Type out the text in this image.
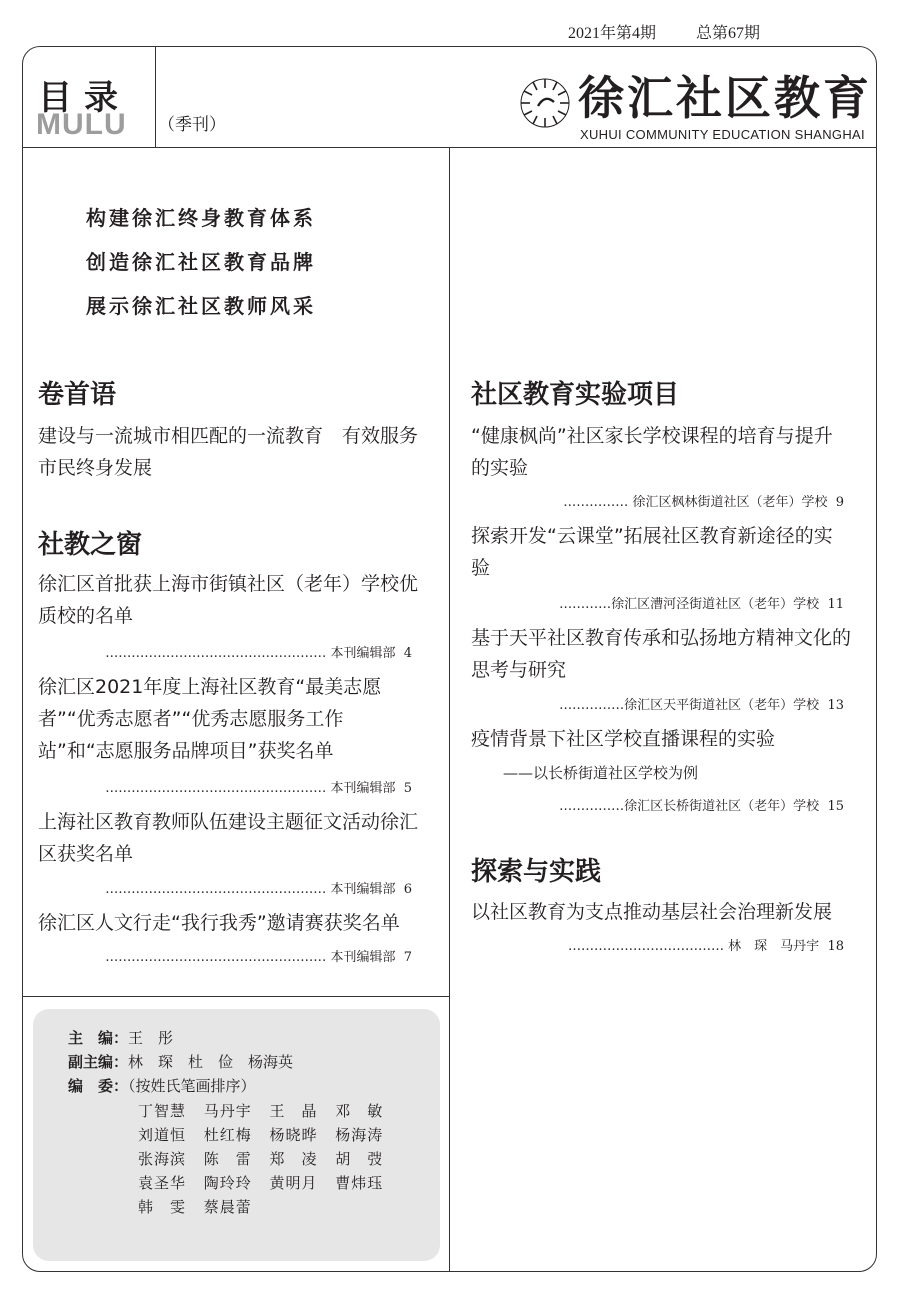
2021年第4期	总第67期
目录
MULU （季刊）	徐汇社区教育
XUHUI COMMUNITY EDUCATION SHANGHAI
构建徐汇终身教育体系
创造徐汇社区教育品牌
展示徐汇社区教师风采
卷首语
建设与一流城市相匹配的一流教育　有效服务市民终身发展
社教之窗
徐汇区首批获上海市街镇社区（老年）学校优质校的名单
…………………………………………… 本刊编辑部 4
徐汇区2021年度上海社区教育“最美志愿者”“优秀志愿者”“优秀志愿服务工作站”和“志愿服务品牌项目”获奖名单
…………………………………………… 本刊编辑部 5
上海社区教育教师队伍建设主题征文活动徐汇区获奖名单
…………………………………………… 本刊编辑部 6
徐汇区人文行走“我行我秀”邀请赛获奖名单
…………………………………………… 本刊编辑部 7
社区教育实验项目
“健康枫尚”社区家长学校课程的培育与提升的实验
…………… 徐汇区枫林街道社区（老年）学校 9
探索开发“云课堂”拓展社区教育新途径的实验
…………徐汇区漕河泾街道社区（老年）学校 11
基于天平社区教育传承和弘扬地方精神文化的思考与研究
……………徐汇区天平街道社区（老年）学校 13
疫情背景下社区学校直播课程的实验
——以长桥街道社区学校为例
……………徐汇区长桥街道社区（老年）学校 15
探索与实践
以社区教育为支点推动基层社会治理新发展
……………………………… 林　琛　马丹宇 18
主　编：王　彤
副主编：林　琛　杜　俭　杨海英
编　委：（按姓氏笔画排序）
丁智慧 马丹宇 王　晶 邓　敏
刘道恒 杜红梅 杨晓晔 杨海涛
张海滨 陈　雷 郑　凌 胡　弢
袁圣华 陶玲玲 黄明月 曹炜珏
韩　雯 蔡晨蕾
